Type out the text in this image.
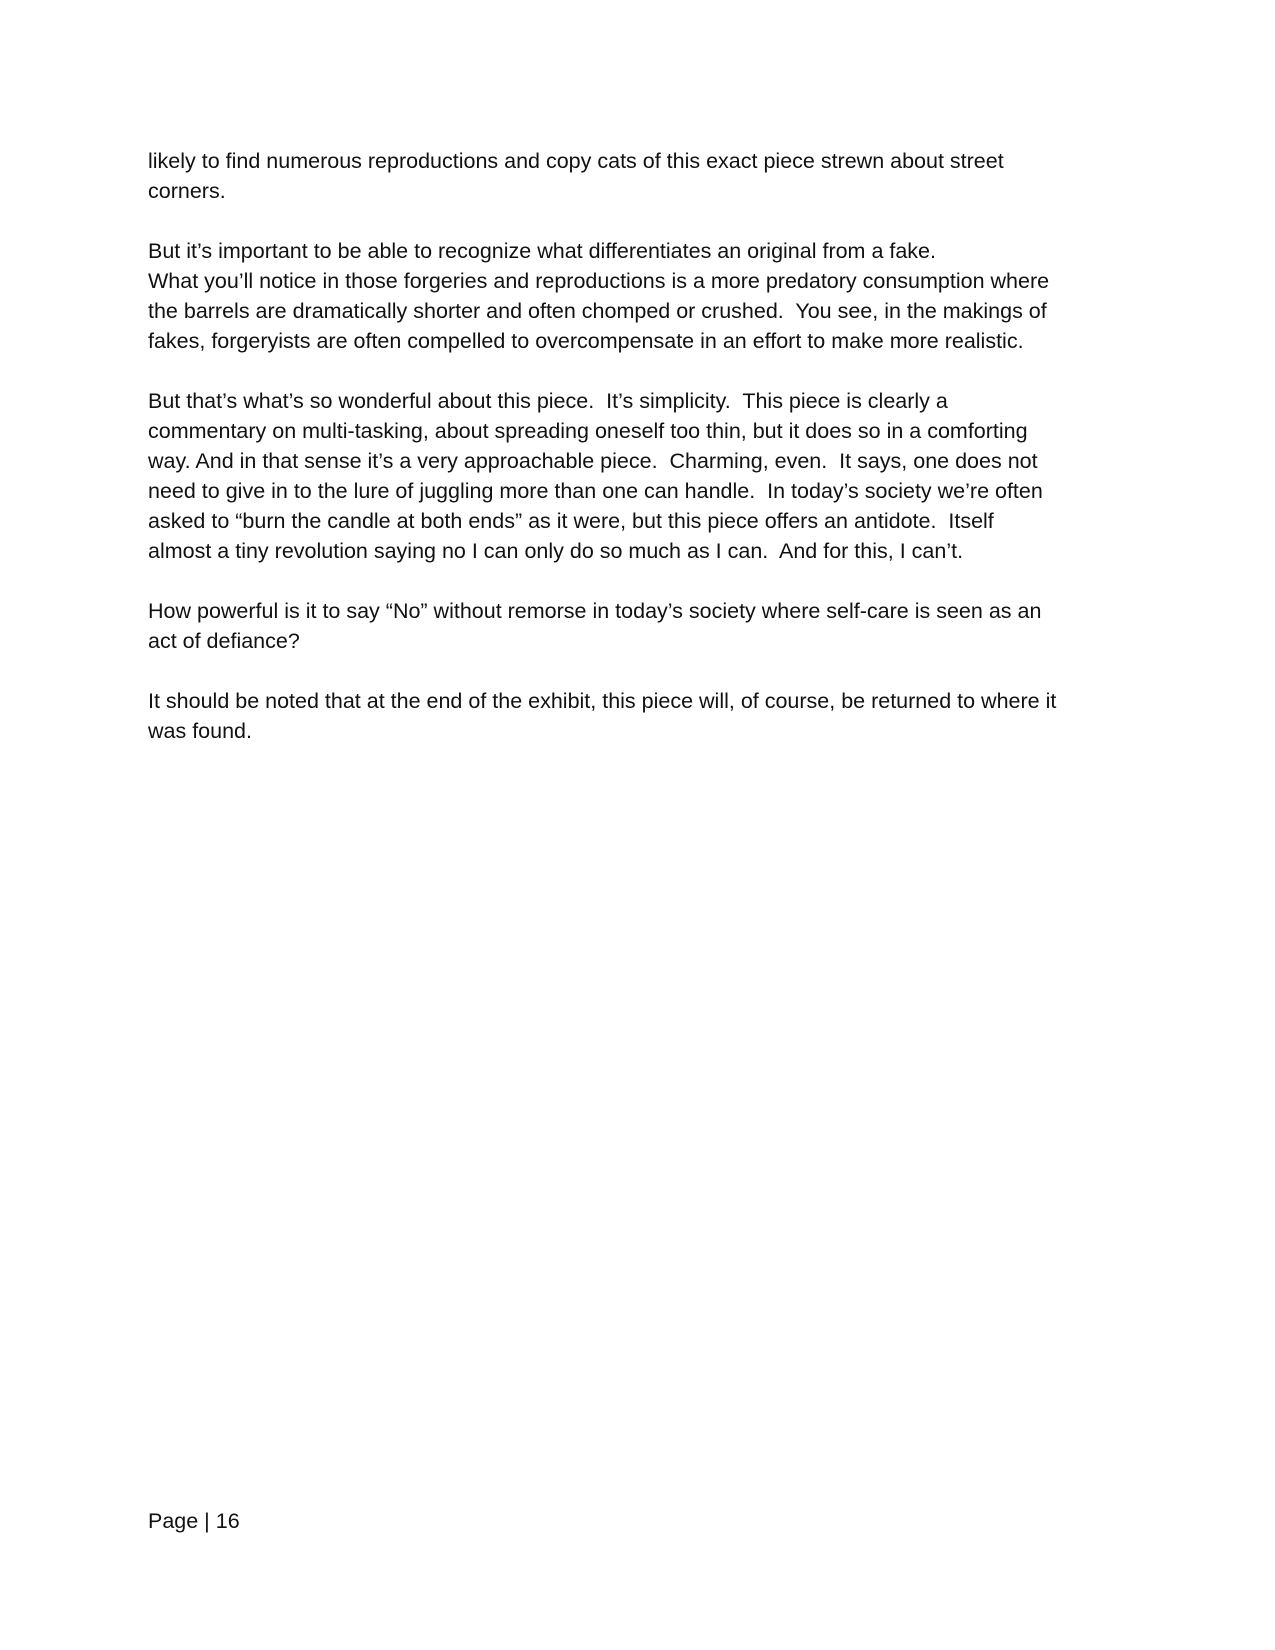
likely to find numerous reproductions and copy cats of this exact piece strewn about street
corners.

But it’s important to be able to recognize what differentiates an original from a fake.
What you’ll notice in those forgeries and reproductions is a more predatory consumption where
the barrels are dramatically shorter and often chomped or crushed.  You see, in the makings of
fakes, forgeryists are often compelled to overcompensate in an effort to make more realistic.

But that’s what’s so wonderful about this piece.  It’s simplicity.  This piece is clearly a
commentary on multi-tasking, about spreading oneself too thin, but it does so in a comforting
way. And in that sense it’s a very approachable piece.  Charming, even.  It says, one does not
need to give in to the lure of juggling more than one can handle.  In today’s society we’re often
asked to “burn the candle at both ends” as it were, but this piece offers an antidote.  Itself
almost a tiny revolution saying no I can only do so much as I can.  And for this, I can’t.

How powerful is it to say “No” without remorse in today’s society where self-care is seen as an
act of defiance?

It should be noted that at the end of the exhibit, this piece will, of course, be returned to where it
was found.

Page | 16
